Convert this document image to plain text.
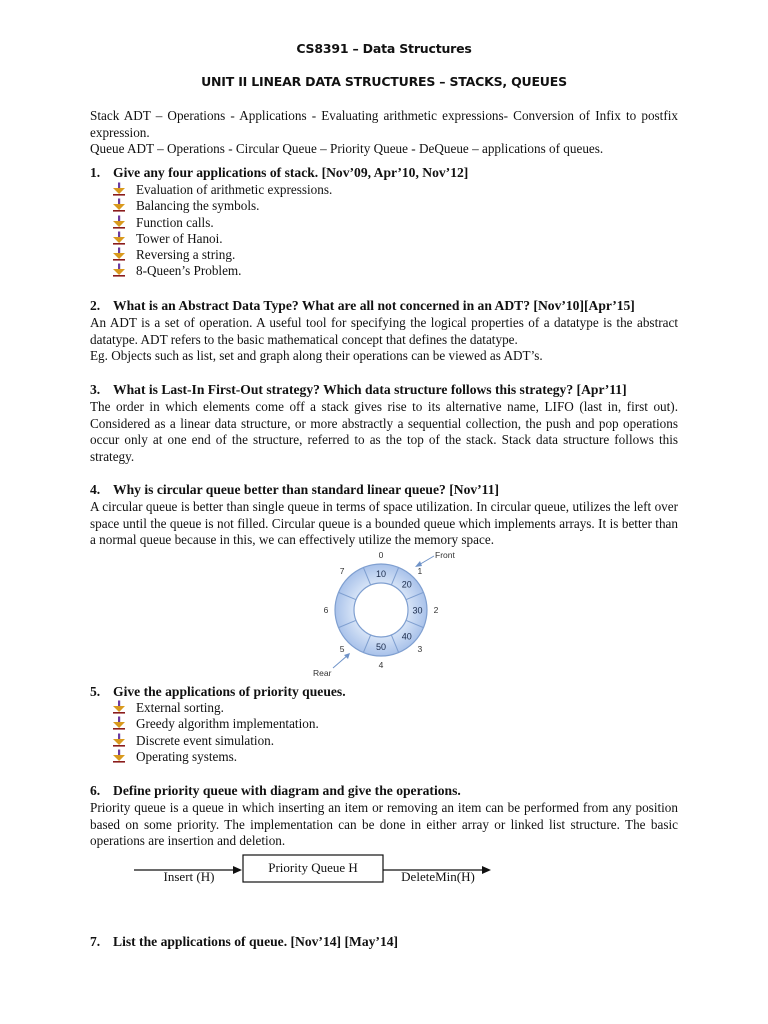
CS8391 – Data Structures
UNIT II LINEAR DATA STRUCTURES – STACKS, QUEUES

Stack ADT – Operations - Applications - Evaluating arithmetic expressions- Conversion of Infix to postfix expression.

Queue ADT – Operations - Circular Queue – Priority Queue - DeQueue – applications of queues.

1. Give any four applications of stack. [Nov’09, Apr’10, Nov’12]

Evaluation of arithmetic expressions.
Balancing the symbols.
Function calls.
Tower of Hanoi.
Reversing a string.
8-Queen’s Problem.

2. What is an Abstract Data Type? What are all not concerned in an ADT? [Nov’10][Apr’15]

An ADT is a set of operation. A useful tool for specifying the logical properties of a datatype is the abstract datatype. ADT refers to the basic mathematical concept that defines the datatype.

Eg. Objects such as list, set and graph along their operations can be viewed as ADT’s.

3. What is Last-In First-Out strategy? Which data structure follows this strategy? [Apr’11]

The order in which elements come off a stack gives rise to its alternative name, LIFO (last in, first out). Considered as a linear data structure, or more abstractly a sequential collection, the push and pop operations occur only at one end of the structure, referred to as the top of the stack. Stack data structure follows this strategy.

4. Why is circular queue better than standard linear queue? [Nov’11]

A circular queue is better than single queue in terms of space utilization. In circular queue, utilizes the left over space until the queue is not filled. Circular queue is a bounded queue which implements arrays. It is better than a normal queue because in this, we can effectively utilize the memory space.

10
0
20
1
30 2
40
3
50
4
5
6
7
Front
Rear

5. Give the applications of priority queues.

External sorting.
Greedy algorithm implementation.
Discrete event simulation.
Operating systems.

6. Define priority queue with diagram and give the operations.

Priority queue is a queue in which inserting an item or removing an item can be performed from any position based on some priority. The implementation can be done in either array or linked list structure. The basic operations are insertion and deletion.

Priority Queue H
Insert (H)	DeleteMin(H)

7. List the applications of queue. [Nov’14] [May’14]
